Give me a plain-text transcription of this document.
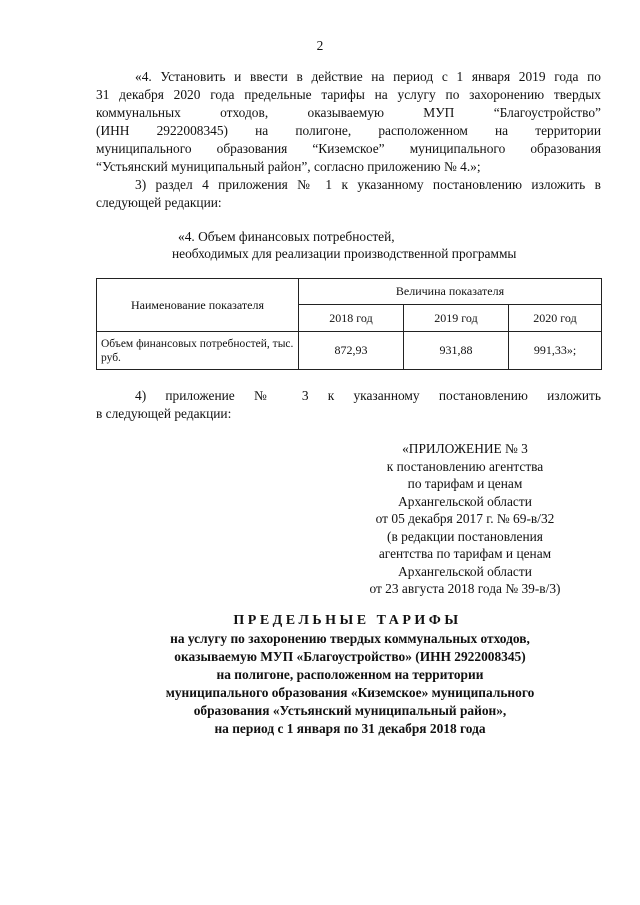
2
«4. Установить и ввести в действие на период с 1 января 2019 года по
31 декабря 2020 года предельные тарифы на услугу по захоронению твердых
коммунальных отходов, оказываемую МУП “Благоустройство”
(ИНН 2922008345) на полигоне, расположенном на территории
муниципального образования “Киземское” муниципального образования
“Устьянский муниципальный район”, согласно приложению № 4.»;
3) раздел 4 приложения № 1 к указанному постановлению изложить в
следующей редакции:
«4. Объем финансовых потребностей,
необходимых для реализации производственной программы
Наименование показателя	Величина показателя		
	2018 год	2019 год	2020 год
Объем финансовых потребностей, тыс. руб.	872,93	931,88	991,33»;
4) приложение № 3 к указанному постановлению изложить
в следующей редакции:
«ПРИЛОЖЕНИЕ № 3
к постановлению агентства
по тарифам и ценам
Архангельской области
от 05 декабря 2017 г. № 69-в/32
(в редакции постановления
агентства по тарифам и ценам
Архангельской области
от 23 августа 2018 года № 39-в/3)
ПРЕДЕЛЬНЫЕ ТАРИФЫ
на услугу по захоронению твердых коммунальных отходов,
оказываемую МУП «Благоустройство» (ИНН 2922008345)
на полигоне, расположенном на территории
муниципального образования «Киземское» муниципального
образования «Устьянский муниципальный район»,
на период с 1 января по 31 декабря 2018 года
